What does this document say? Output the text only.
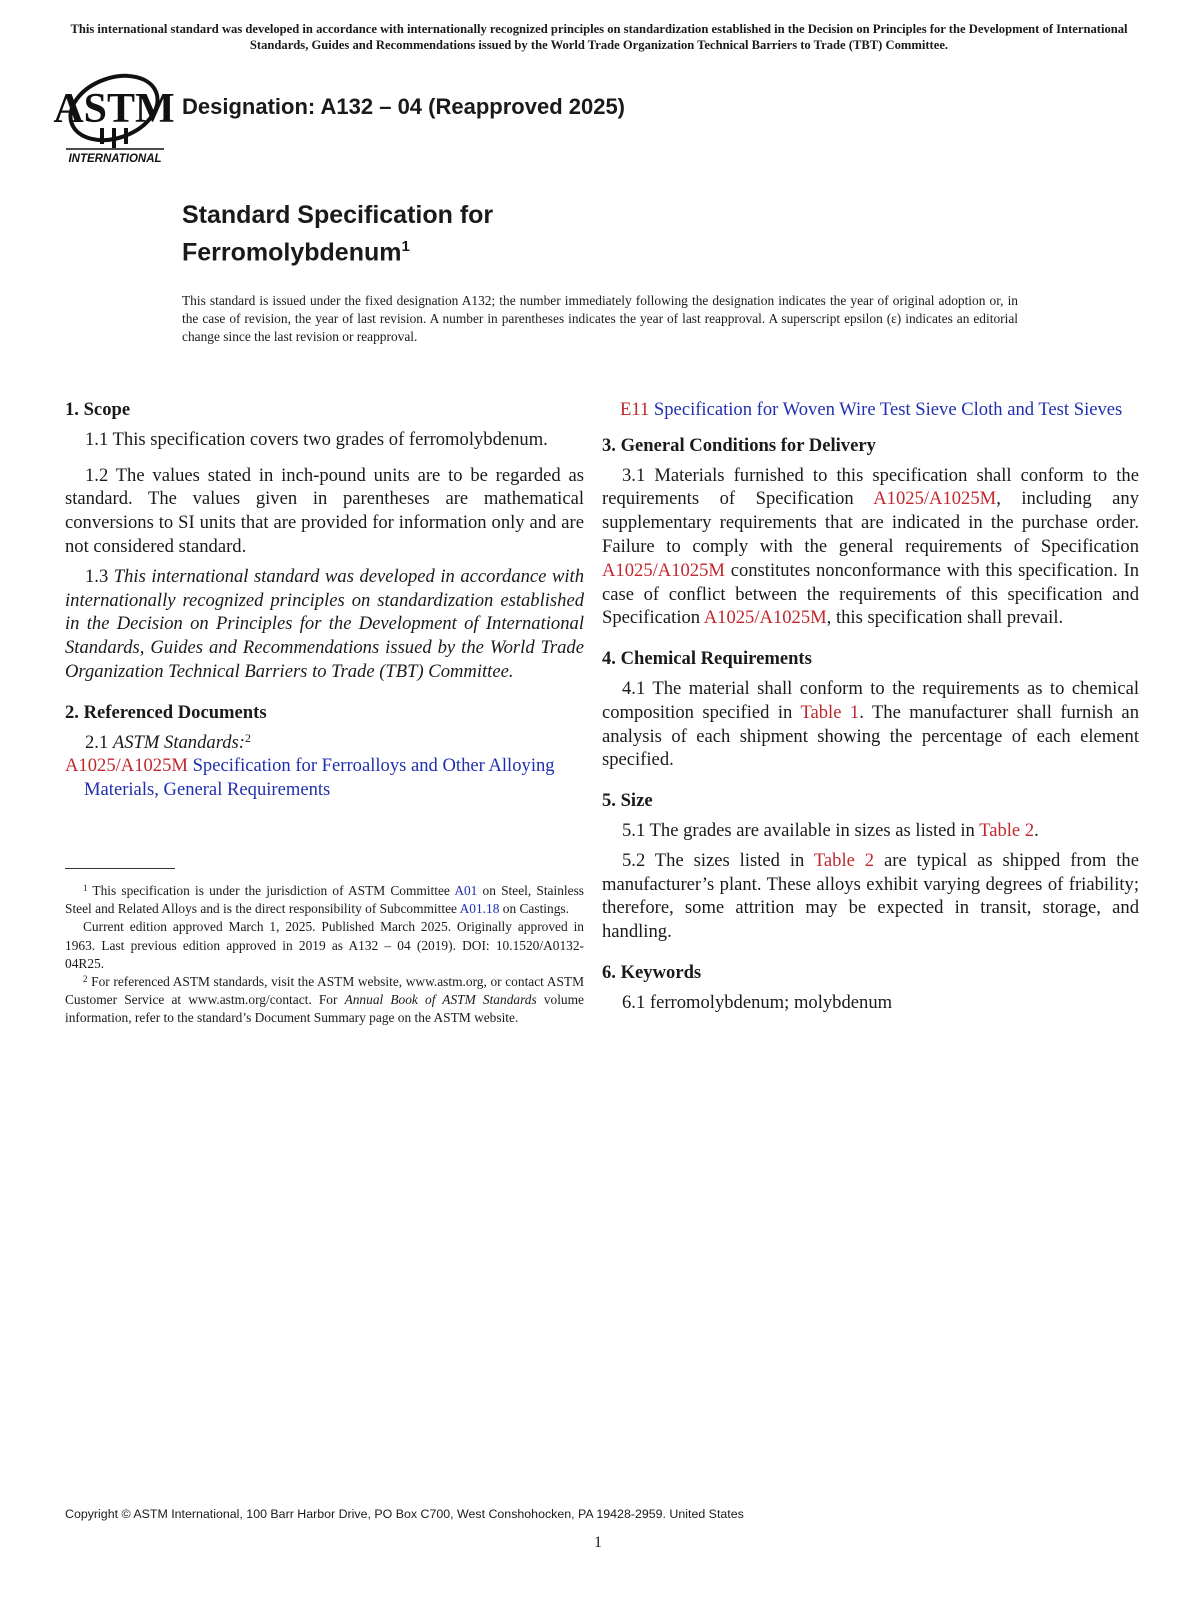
This international standard was developed in accordance with internationally recognized principles on standardization established in the Decision on Principles for the Development of International Standards, Guides and Recommendations issued by the World Trade Organization Technical Barriers to Trade (TBT) Committee.
ASTM
INTERNATIONAL
Designation: A132 – 04 (Reapproved 2025)
Standard Specification for
Ferromolybdenum$^1$
This standard is issued under the fixed designation A132; the number immediately following the designation indicates the year of original adoption or, in the case of revision, the year of last revision. A number in parentheses indicates the year of last reapproval. A superscript epsilon (ε) indicates an editorial change since the last revision or reapproval.
1. Scope

1.1 This specification covers two grades of ferromolybdenum.

1.2 The values stated in inch-pound units are to be regarded as standard. The values given in parentheses are mathematical conversions to SI units that are provided for information only and are not considered standard.

1.3 This international standard was developed in accordance with internationally recognized principles on standardization established in the Decision on Principles for the Development of International Standards, Guides and Recommendations issued by the World Trade Organization Technical Barriers to Trade (TBT) Committee.

2. Referenced Documents

2.1 ASTM Standards:$^2$

A1025/A1025M Specification for Ferroalloys and Other Alloying Materials, General Requirements

$^1$ This specification is under the jurisdiction of ASTM Committee A01 on Steel, Stainless Steel and Related Alloys and is the direct responsibility of Subcommittee A01.18 on Castings.

Current edition approved March 1, 2025. Published March 2025. Originally approved in 1963. Last previous edition approved in 2019 as A132 – 04 (2019). DOI: 10.1520/A0132-04R25.

$^2$ For referenced ASTM standards, visit the ASTM website, www.astm.org, or contact ASTM Customer Service at www.astm.org/contact. For Annual Book of ASTM Standards volume information, refer to the standard’s Document Summary page on the ASTM website.

E11 Specification for Woven Wire Test Sieve Cloth and Test Sieves

3. General Conditions for Delivery

3.1 Materials furnished to this specification shall conform to the requirements of Specification A1025/A1025M, including any supplementary requirements that are indicated in the purchase order. Failure to comply with the general requirements of Specification A1025/A1025M constitutes nonconformance with this specification. In case of conflict between the requirements of this specification and Specification A1025/A1025M, this specification shall prevail.

4. Chemical Requirements

4.1 The material shall conform to the requirements as to chemical composition specified in Table 1. The manufacturer shall furnish an analysis of each shipment showing the percentage of each element specified.

5. Size

5.1 The grades are available in sizes as listed in Table 2.

5.2 The sizes listed in Table 2 are typical as shipped from the manufacturer’s plant. These alloys exhibit varying degrees of friability; therefore, some attrition may be expected in transit, storage, and handling.

6. Keywords

6.1 ferromolybdenum; molybdenum

Copyright © ASTM International, 100 Barr Harbor Drive, PO Box C700, West Conshohocken, PA 19428-2959. United States
1
